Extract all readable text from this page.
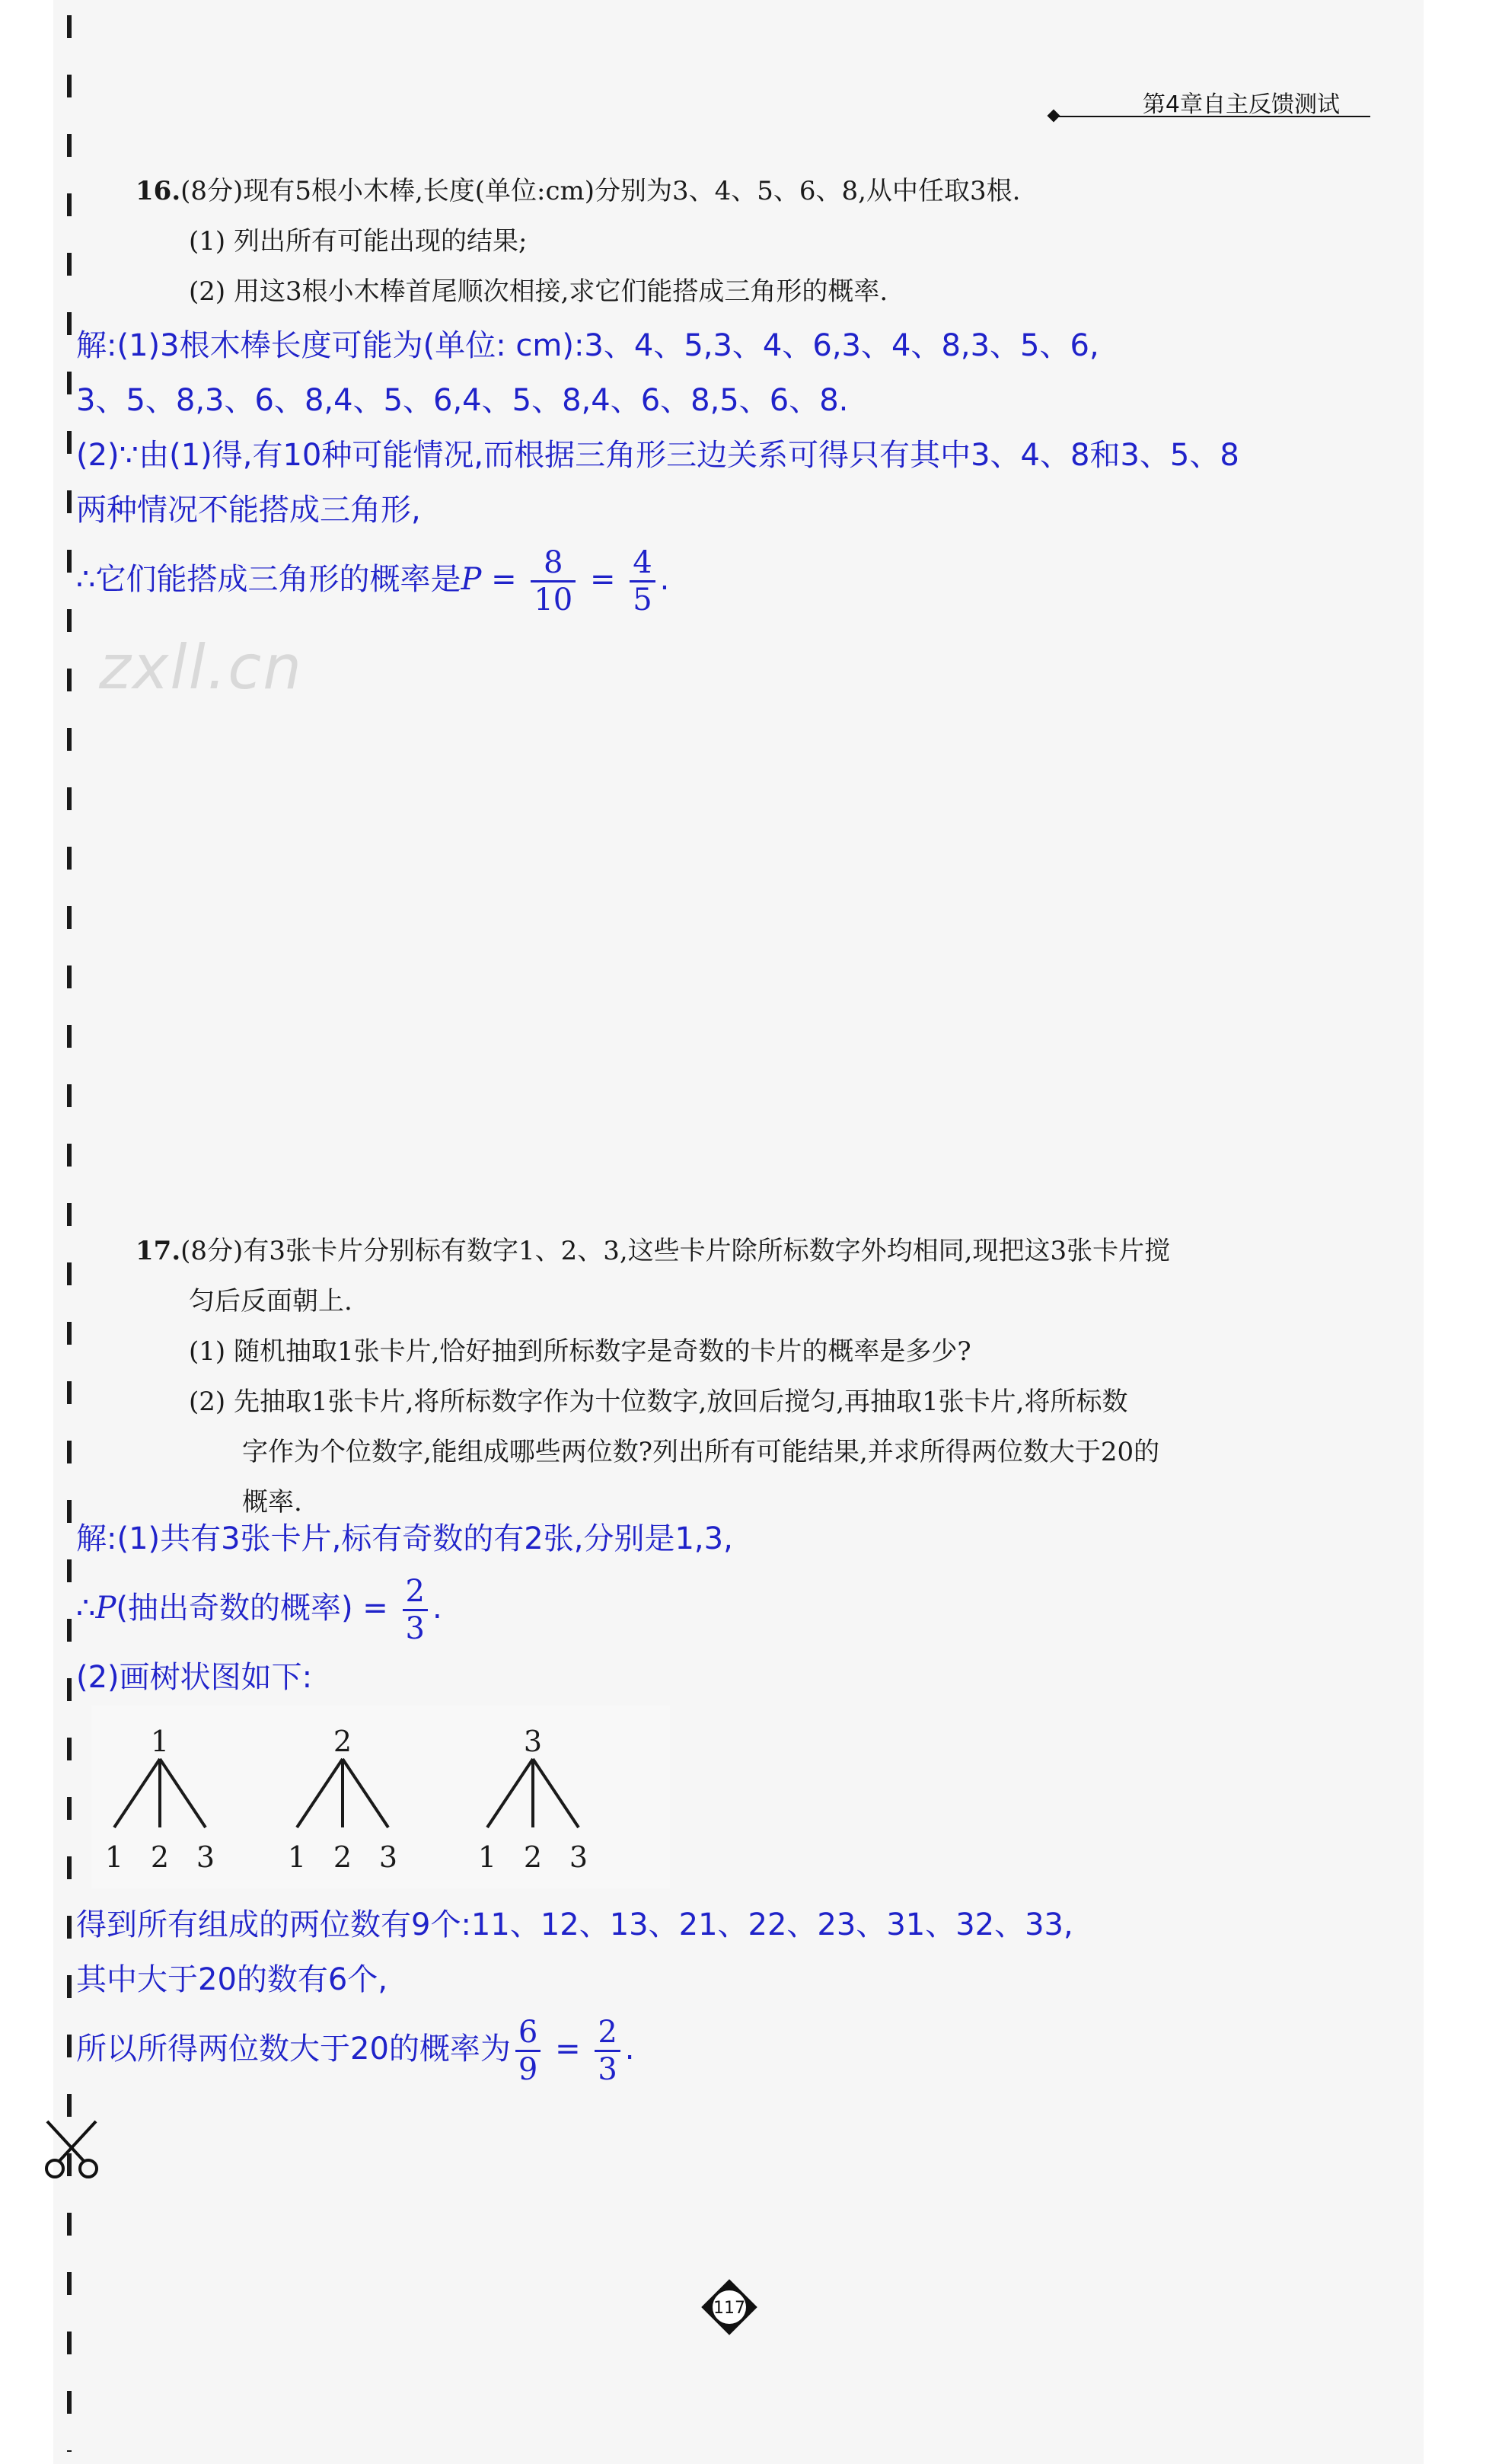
第4章自主反馈测试
16.(8分)现有5根小木棒,长度(单位:cm)分别为3、4、5、6、8,从中任取3根.
(1) 列出所有可能出现的结果;
(2) 用这3根小木棒首尾顺次相接,求它们能搭成三角形的概率.
解:(1)3根木棒长度可能为(单位: cm):3、4、5,3、4、6,3、4、8,3、5、6,
3、5、8,3、6、8,4、5、6,4、5、8,4、6、8,5、6、8.
(2)∵由(1)得,有10种可能情况,而根据三角形三边关系可得只有其中3、4、8和3、5、8
两种情况不能搭成三角形,
∴它们能搭成三角形的概率是$P = \frac{8}{10} = \frac{4}{5}$ .
zxll.cn
17.(8分)有3张卡片分别标有数字1、2、3,这些卡片除所标数字外均相同,现把这3张卡片搅
匀后反面朝上.
(1) 随机抽取1张卡片,恰好抽到所标数字是奇数的卡片的概率是多少?
(2) 先抽取1张卡片,将所标数字作为十位数字,放回后搅匀,再抽取1张卡片,将所标数
字作为个位数字,能组成哪些两位数?列出所有可能结果,并求所得两位数大于20的
概率.
解:(1)共有3张卡片,标有奇数的有2张,分别是1,3,
∴P(抽出奇数的概率) = $\frac{2}{3}$ .
(2)画树状图如下:
1
1 2 3
2
1 2 3
3
1 2 3
得到所有组成的两位数有9个:11、12、13、21、22、23、31、32、33,
其中大于20的数有6个,
所以所得两位数大于20的概率为 $\frac{6}{9} = \frac{2}{3}$ .
117
